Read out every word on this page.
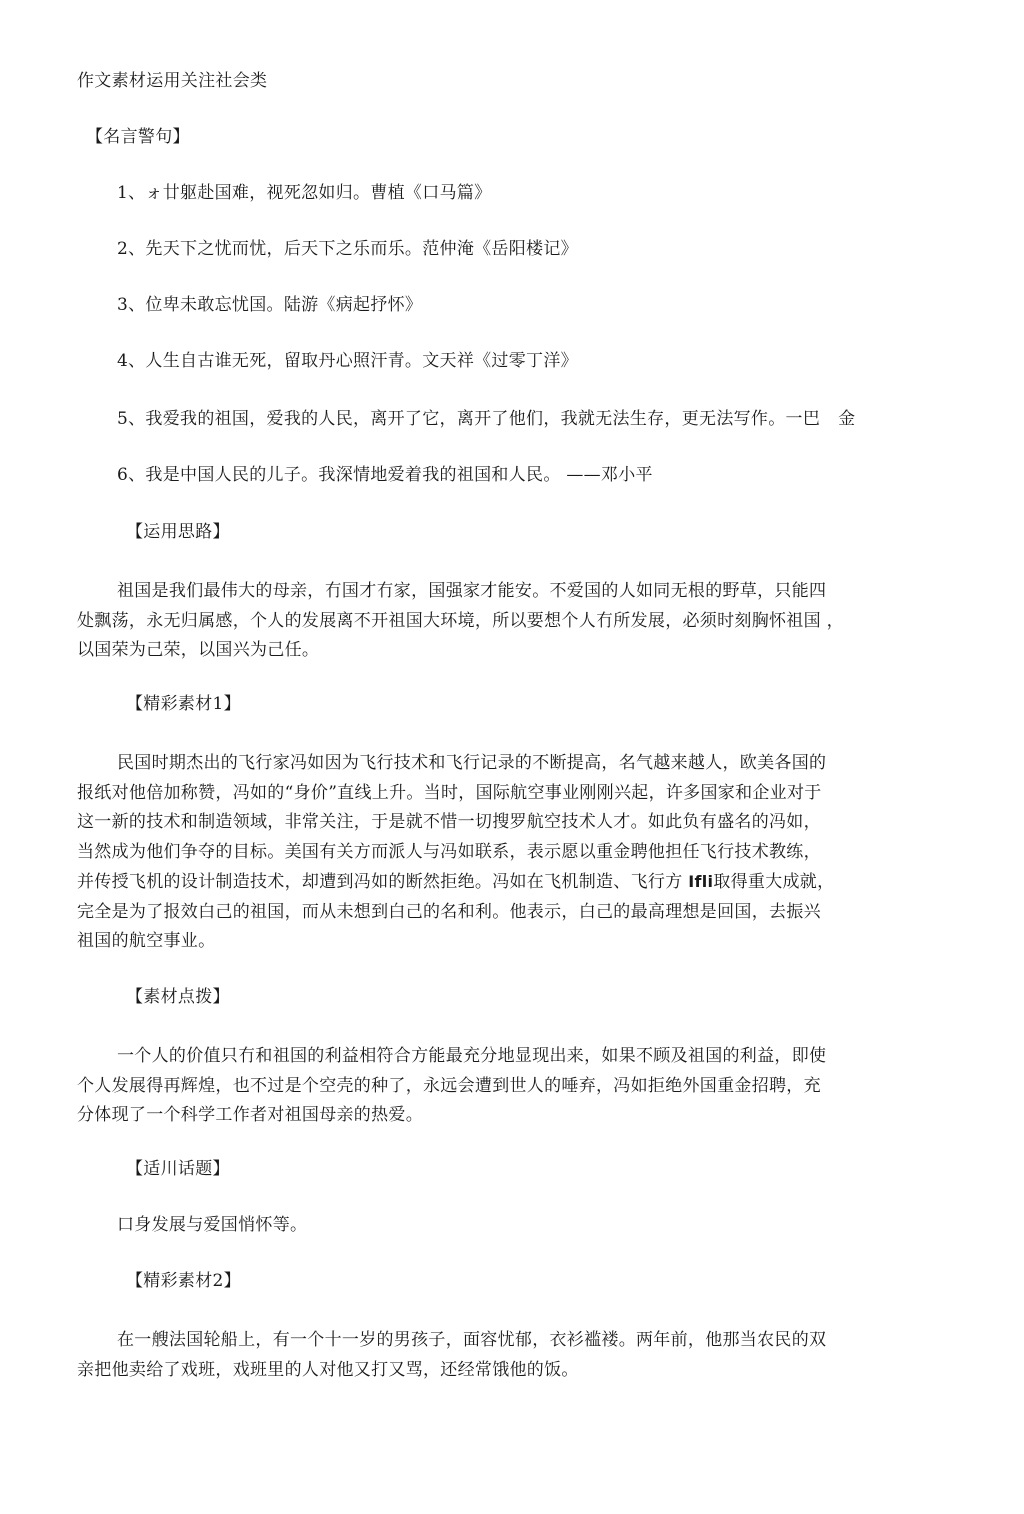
作文素材运用关注社会类
【名言警句】
1、ォ廿躯赴国难，视死忽如归。曹植《口马篇》
2、先天下之忧而忧，后天下之乐而乐。范仲淹《岳阳楼记》
3、位卑未敢忘忧国。陆游《病起抒怀》
4、人生自古谁无死，留取丹心照汗青。文天祥《过零丁洋》
5、我爱我的祖国，爱我的人民，离开了它，离开了他们，我就无法生存，更无法写作。一巴 金
6、我是中国人民的儿子。我深情地爱着我的祖国和人民。 ——邓小平
【运用思路】
祖国是我们最伟大的母亲，冇国才冇家，国强家才能安。不爱国的人如同无根的野草，只能四
处飘荡，永无归属感，个人的发展离不开祖国大环境，所以要想个人冇所发展，必须时刻胸怀祖国 ，
以国荣为己荣，以国兴为己任。
【精彩素材1】
民国时期杰出的飞行家冯如因为飞行技术和飞行记录的不断提高，名气越来越人，欧美各国的
报纸对他倍加称赞，冯如的“身价”直线上升。当时，国际航空事业刚刚兴起，许多国家和企业对于
这一新的技术和制造领域，非常关注，于是就不惜一切搜罗航空技术人才。如此负有盛名的冯如，
当然成为他们争夺的目标。美国有关方而派人与冯如联系，表示愿以重金聘他担任飞行技术教练，
并传授飞机的设计制造技术，却遭到冯如的断然拒绝。冯如在飞机制造、飞行方 Ifli取得重大成就，
完全是为了报效白己的祖国，而从未想到白己的名和利。他表示，白己的最高理想是回国，去振兴
祖国的航空事业。
【素材点拨】
一个人的价值只冇和祖国的利益相符合方能最充分地显现出来，如果不顾及祖国的利益，即使
个人发展得再辉煌，也不过是个空壳的种了，永远会遭到世人的唾弃，冯如拒绝外国重金招聘，充
分体现了一个科学工作者对祖国母亲的热爱。
【适川话题】
口身发展与爱国悄怀等。
【精彩素材2】
在一艘法国轮船上，有一个十一岁的男孩子，面容忧郁，衣衫褴褛。两年前，他那当农民的双
亲把他卖给了戏班，戏班里的人对他又打又骂，还经常饿他的饭。
